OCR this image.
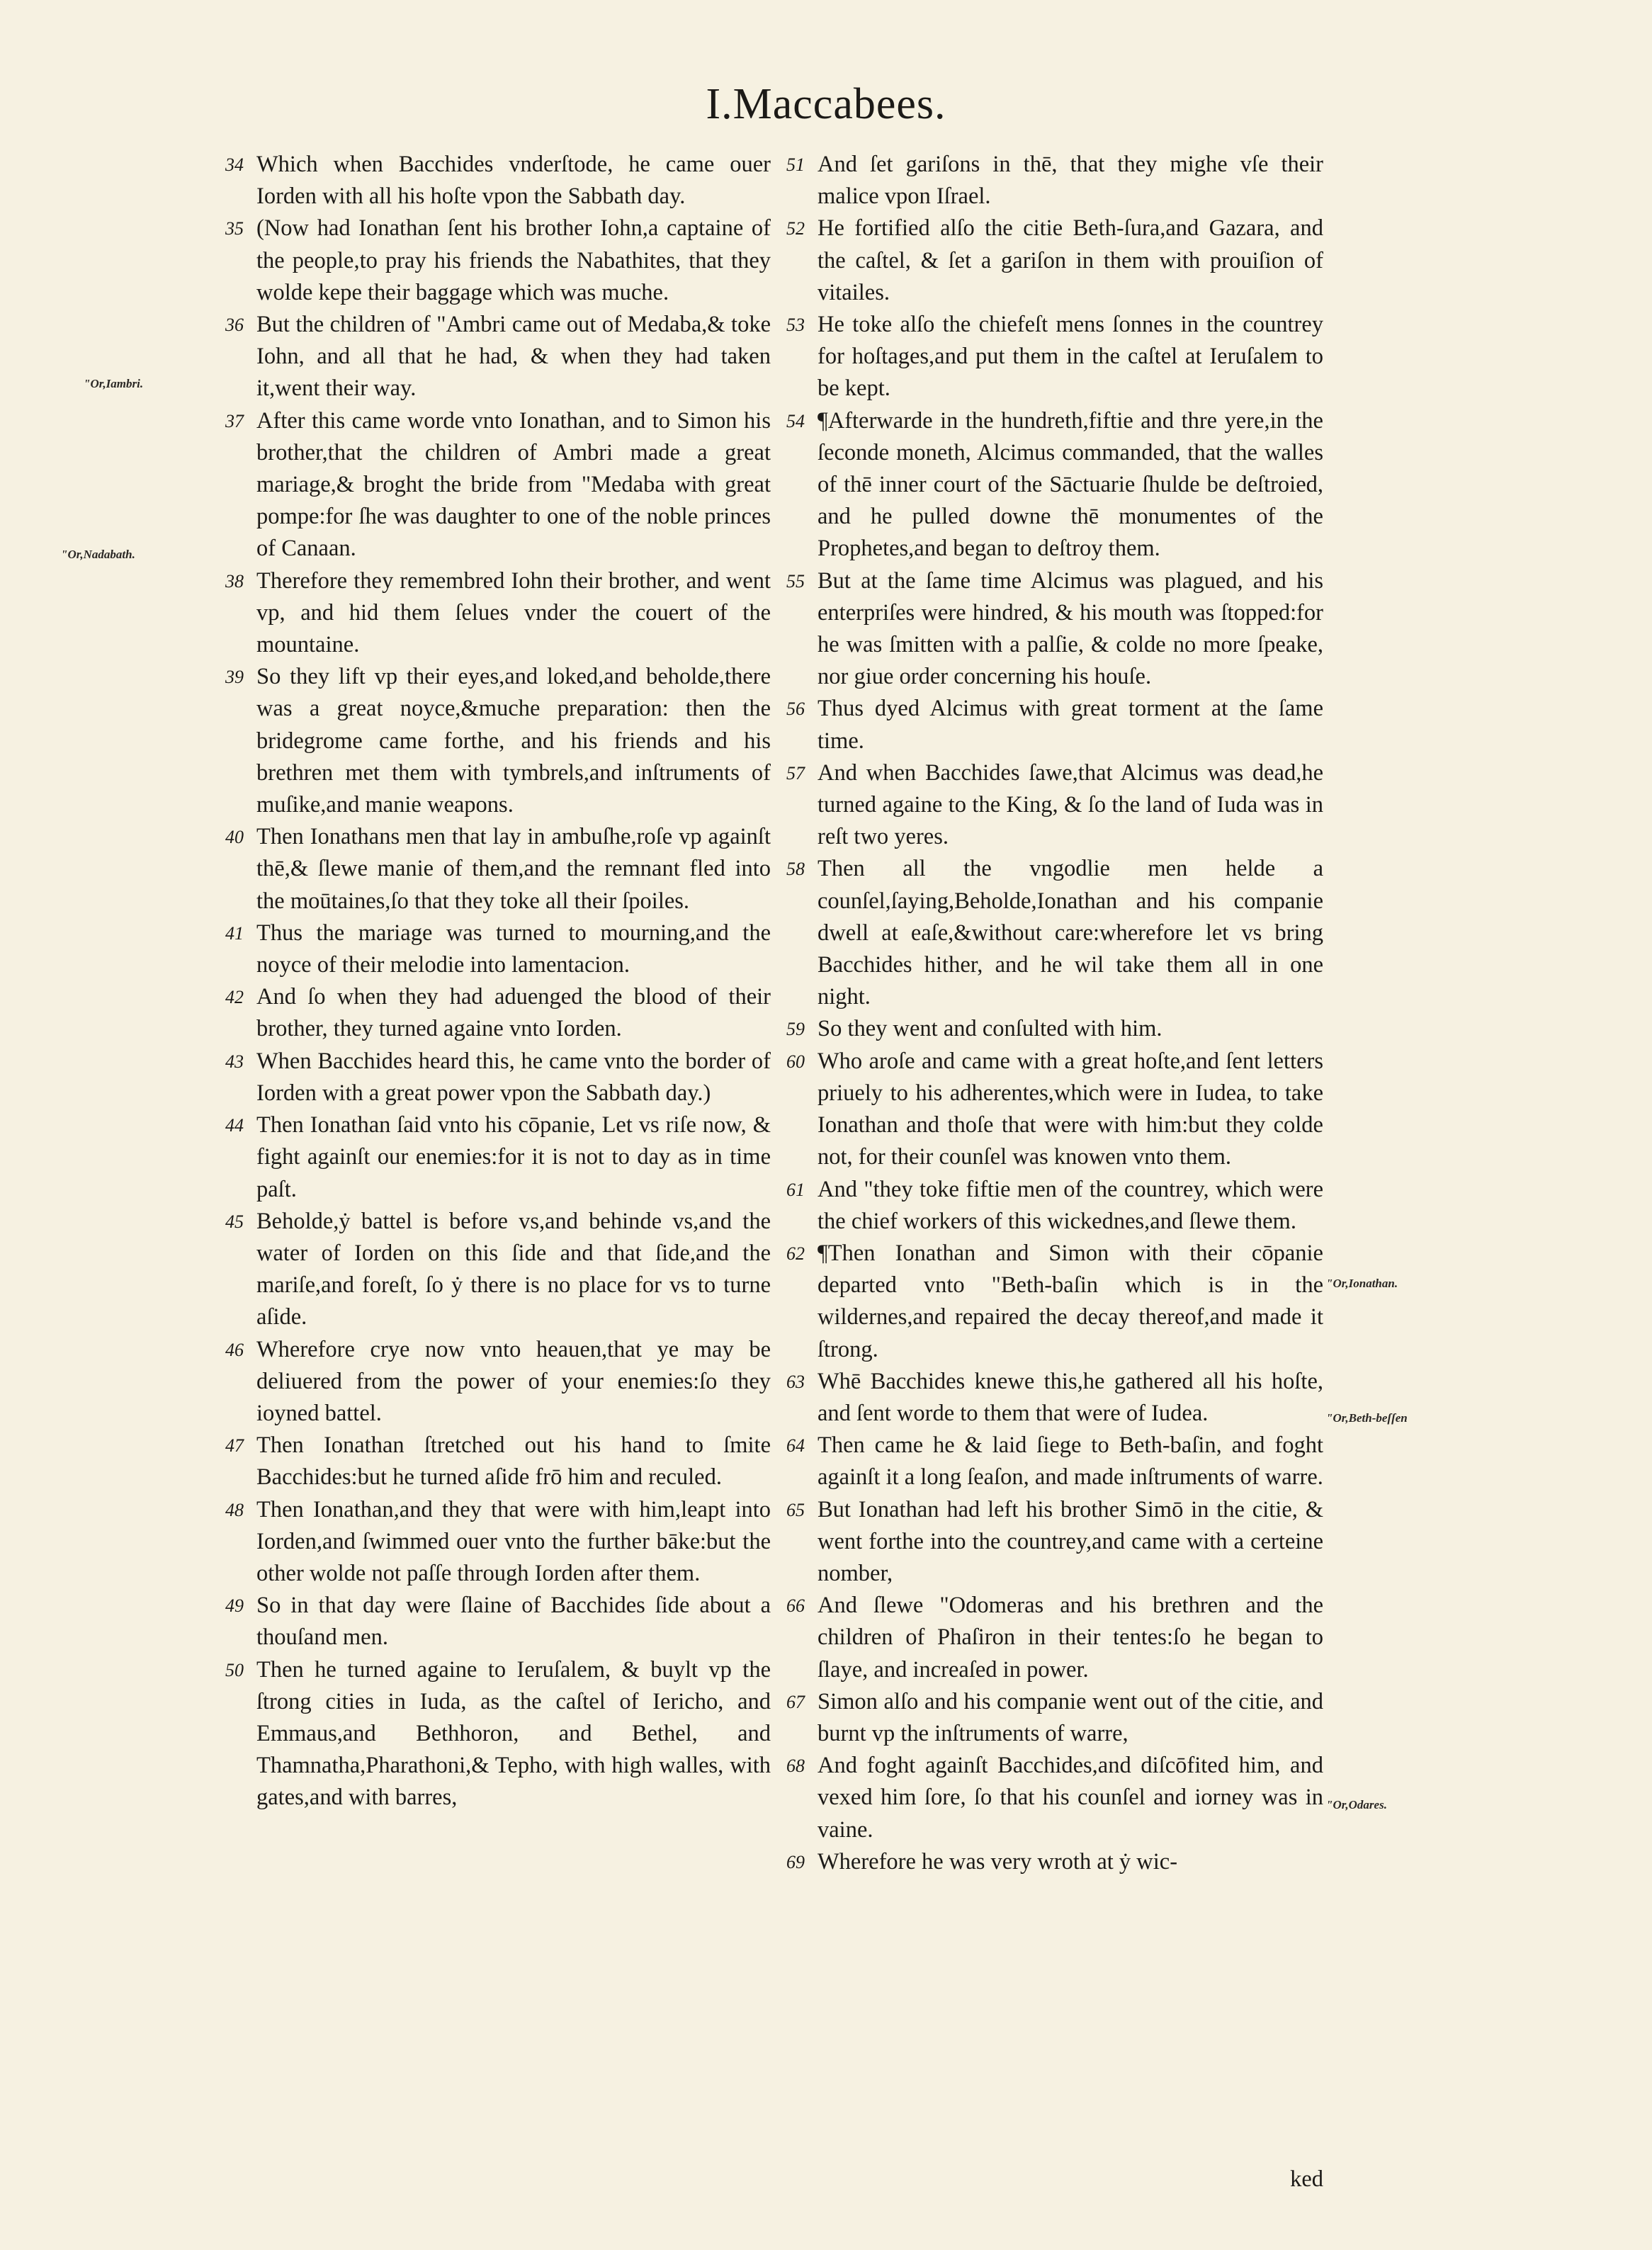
I.Maccabees.

34 Which when Bacchides vnderſtode, he came ouer Iorden with all his hoſte vpon the Sabbath day.

35 (Now had Ionathan ſent his brother Iohn,a captaine of the people,to pray his friends the Nabathites, that they wolde kepe their baggage which was muche.

36 But the children of "Ambri came out of Medaba,& toke Iohn, and all that he had, & when they had taken it,went their way.

37 After this came worde vnto Ionathan, and to Simon his brother,that the children of Ambri made a great mariage,& broght the bride from "Medaba with great pompe:for ſhe was daughter to one of the noble princes of Canaan.

38 Therefore they remembred Iohn their brother, and went vp, and hid them ſelues vnder the couert of the mountaine.

39 So they lift vp their eyes,and loked,and beholde,there was a great noyce,&muche preparation: then the bridegrome came forthe, and his friends and his brethren met them with tymbrels,and inſtruments of muſike,and manie weapons.

40 Then Ionathans men that lay in ambuſhe,roſe vp againſt thē,& ſlewe manie of them,and the remnant fled into the moūtaines,ſo that they toke all their ſpoiles.

41 Thus the mariage was turned to mourning,and the noyce of their melodie into lamentacion.

42 And ſo when they had aduenged the blood of their brother, they turned againe vnto Iorden.

43 When Bacchides heard this, he came vnto the border of Iorden with a great power vpon the Sabbath day.)

44 Then Ionathan ſaid vnto his cōpanie, Let vs riſe now, & fight againſt our enemies:for it is not to day as in time paſt.

45 Beholde,ẏ battel is before vs,and behinde vs,and the water of Iorden on this ſide and that ſide,and the mariſe,and foreſt, ſo ẏ there is no place for vs to turne aſide.

46 Wherefore crye now vnto heauen,that ye may be deliuered from the power of your enemies:ſo they ioyned battel.

47 Then Ionathan ſtretched out his hand to ſmite Bacchides:but he turned aſide frō him and reculed.

48 Then Ionathan,and they that were with him,leapt into Iorden,and ſwimmed ouer vnto the further bāke:but the other wolde not paſſe through Iorden after them.

49 So in that day were ſlaine of Bacchides ſide about a thouſand men.

50 Then he turned againe to Ieruſalem, & buylt vp the ſtrong cities in Iuda, as the caſtel of Iericho, and Emmaus,and Bethhoron, and Bethel, and Thamnatha,Pharathoni,& Tepho, with high walles, with gates,and with barres,

51 And ſet gariſons in thē, that they mighe vſe their malice vpon Iſrael.

52 He fortified alſo the citie Beth-ſura,and Gazara, and the caſtel, & ſet a gariſon in them with prouiſion of vitailes.

53 He toke alſo the chiefeſt mens ſonnes in the countrey for hoſtages,and put them in the caſtel at Ieruſalem to be kept.

54 ¶Afterwarde in the hundreth,fiftie and thre yere,in the ſeconde moneth, Alcimus commanded, that the walles of thē inner court of the Sāctuarie ſhulde be deſtroied, and he pulled downe thē monumentes of the Prophetes,and began to deſtroy them.

55 But at the ſame time Alcimus was plagued, and his enterpriſes were hindred, & his mouth was ſtopped:for he was ſmitten with a palſie, & colde no more ſpeake, nor giue order concerning his houſe.

56 Thus dyed Alcimus with great torment at the ſame time.

57 And when Bacchides ſawe,that Alcimus was dead,he turned againe to the King, & ſo the land of Iuda was in reſt two yeres.

58 Then all the vngodlie men helde a counſel,ſaying,Beholde,Ionathan and his companie dwell at eaſe,&without care:wherefore let vs bring Bacchides hither, and he wil take them all in one night.

59 So they went and conſulted with him.

60 Who aroſe and came with a great hoſte,and ſent letters priuely to his adherentes,which were in Iudea, to take Ionathan and thoſe that were with him:but they colde not, for their counſel was knowen vnto them.

61 And "they toke fiftie men of the countrey, which were the chief workers of this wickednes,and ſlewe them.

62 ¶Then Ionathan and Simon with their cōpanie departed vnto "Beth-baſin which is in the wildernes,and repaired the decay thereof,and made it ſtrong.

63 Whē Bacchides knewe this,he gathered all his hoſte, and ſent worde to them that were of Iudea.

64 Then came he & laid ſiege to Beth-baſin, and foght againſt it a long ſeaſon, and made inſtruments of warre.

65 But Ionathan had left his brother Simō in the citie, & went forthe into the countrey,and came with a certeine nomber,

66 And ſlewe "Odomeras and his brethren and the children of Phaſiron in their tentes:ſo he began to ſlaye, and increaſed in power.

67 Simon alſo and his companie went out of the citie, and burnt vp the inſtruments of warre,

68 And foght againſt Bacchides,and diſcōfited him, and vexed him ſore, ſo that his counſel and iorney was in vaine.

69 Wherefore he was very wroth at ẏ wic-

ked
"Or,Iambri.
"Or,Nadabath.
"Or,Ionathan.
"Or,Beth-beſſen
"Or,Odares.
